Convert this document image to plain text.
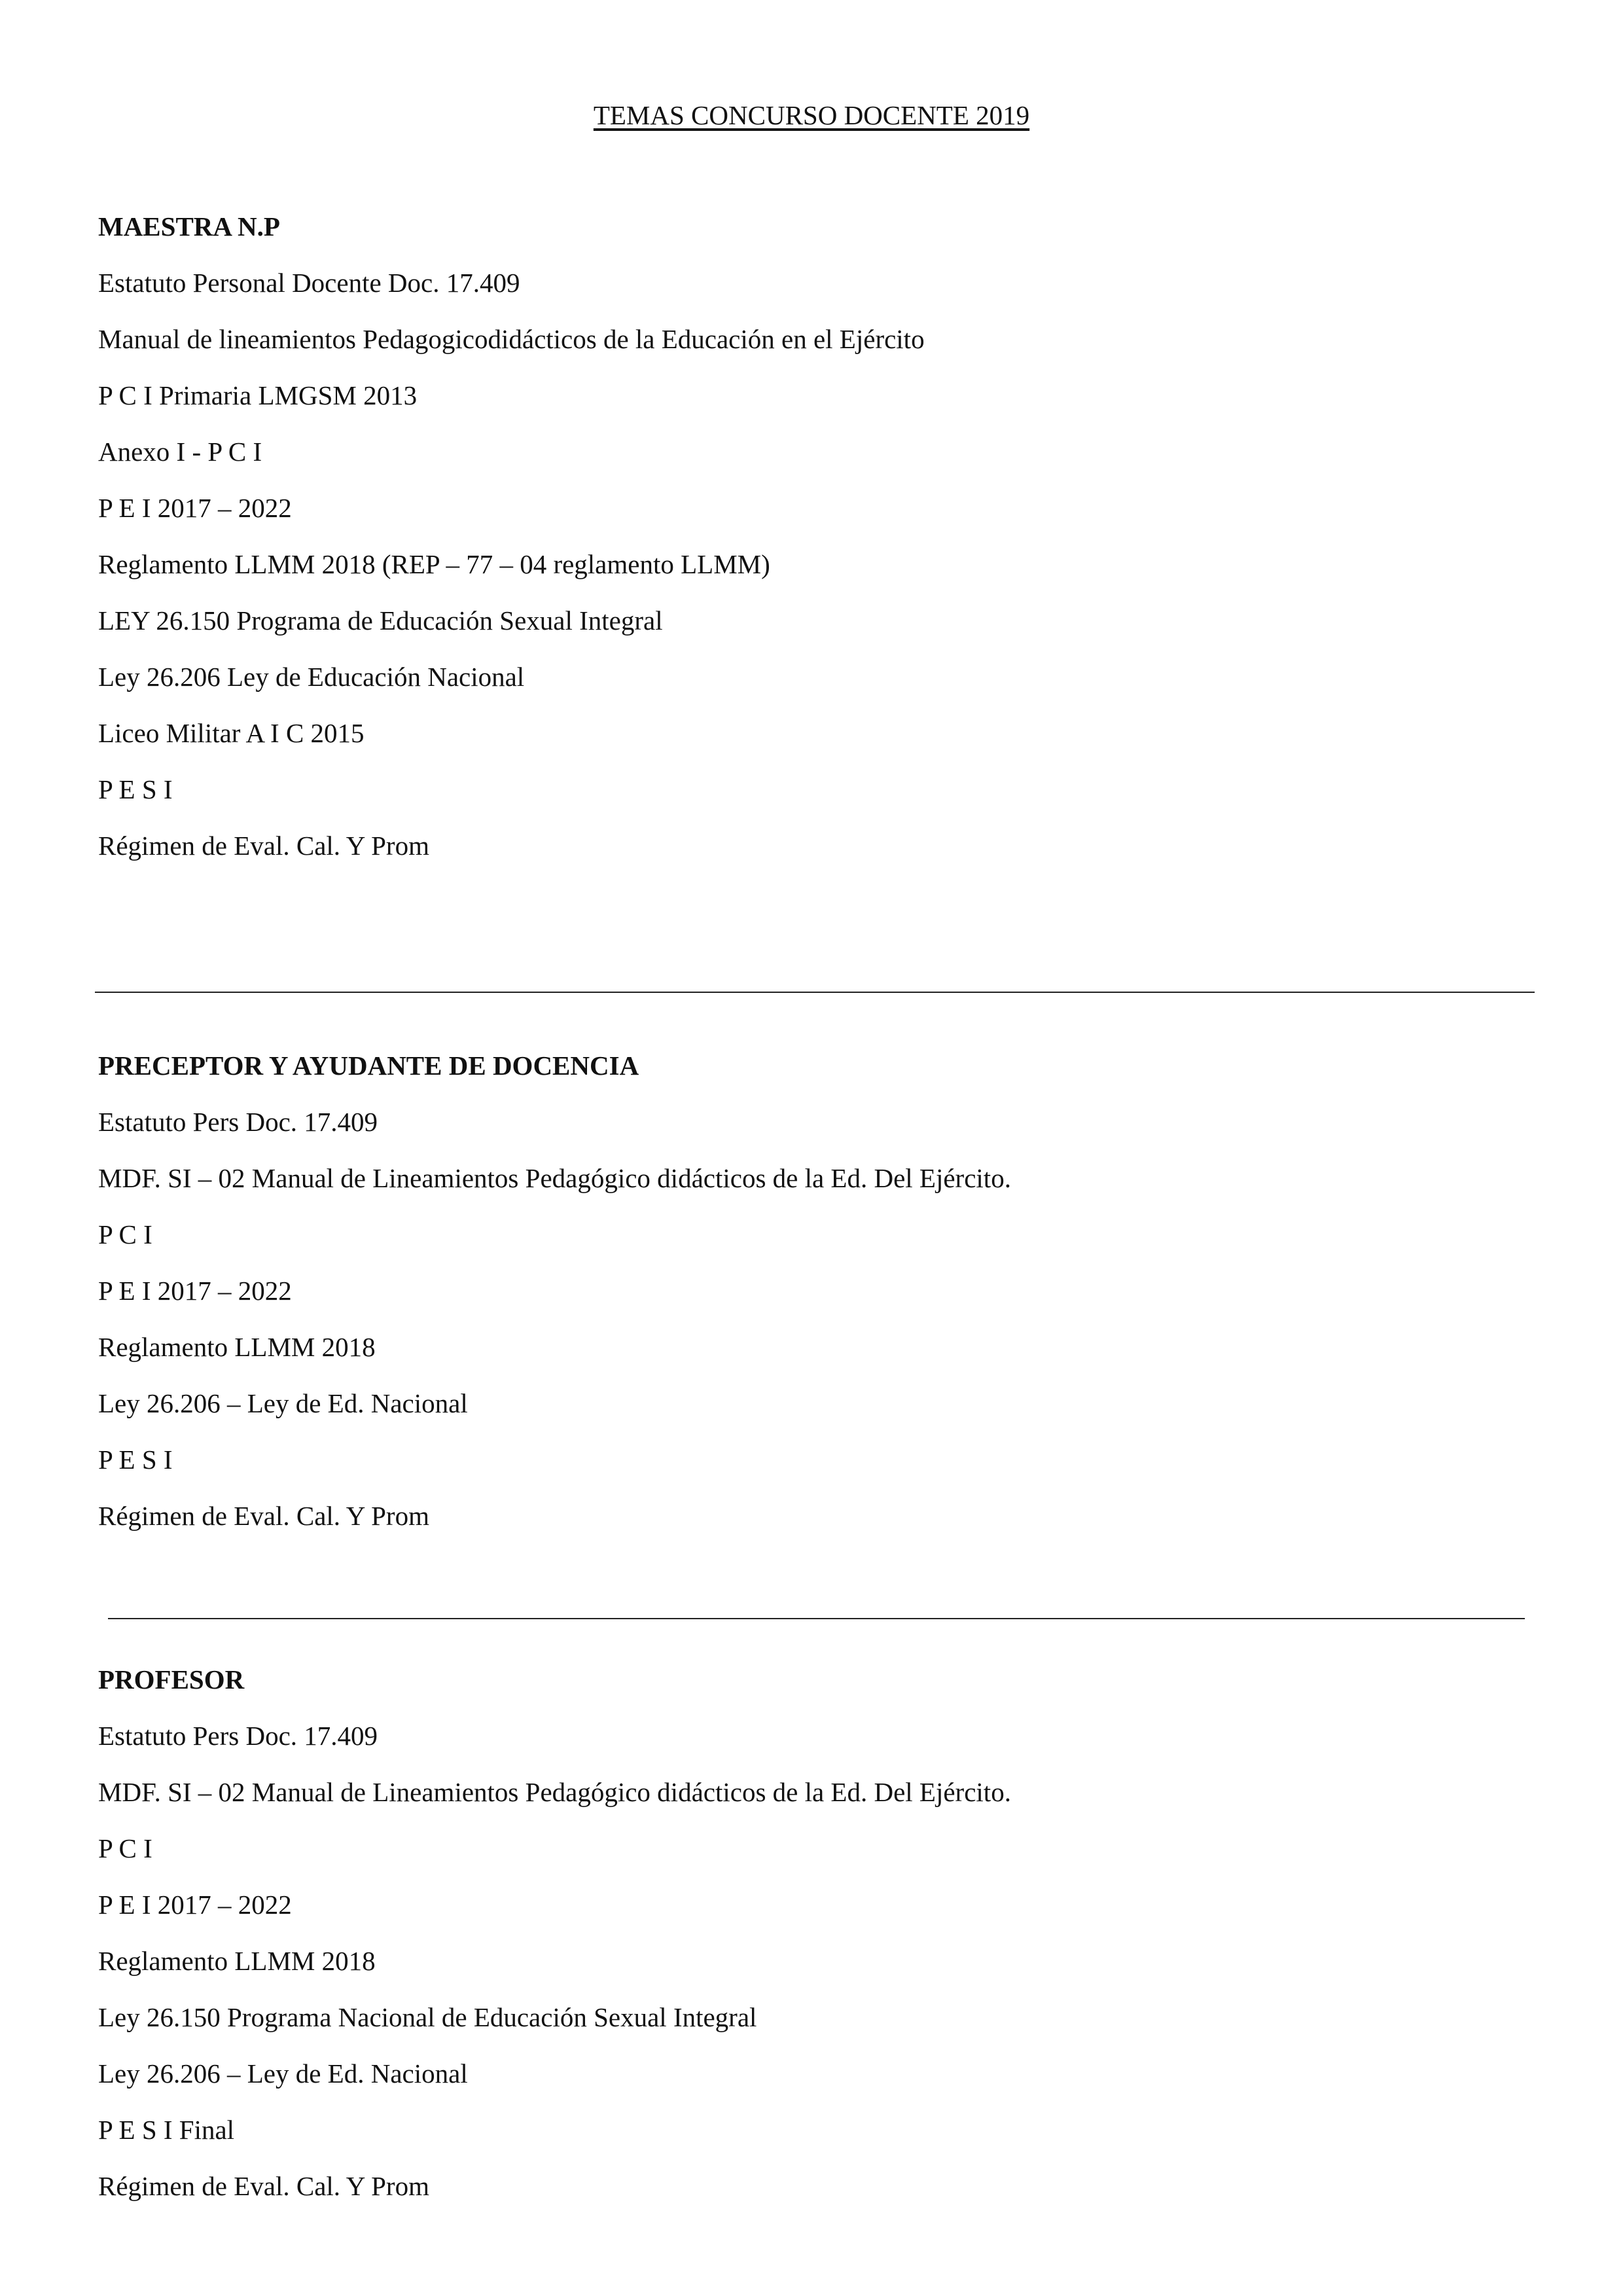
TEMAS CONCURSO DOCENTE 2019
MAESTRA N.P
Estatuto Personal Docente Doc. 17.409
Manual de lineamientos Pedagogicodidácticos de la Educación en el Ejército
P C I Primaria LMGSM 2013
Anexo I - P C I
P E I 2017 – 2022
Reglamento LLMM 2018 (REP – 77 – 04 reglamento LLMM)
LEY 26.150 Programa de Educación Sexual Integral
Ley 26.206 Ley de Educación Nacional
Liceo Militar A I C 2015
P E S I
Régimen de Eval. Cal. Y Prom
PRECEPTOR Y AYUDANTE DE DOCENCIA
Estatuto Pers Doc. 17.409
MDF. SI – 02 Manual de Lineamientos Pedagógico didácticos de la Ed. Del Ejército.
P C I
P E I 2017 – 2022
Reglamento LLMM 2018
Ley 26.206 – Ley de Ed. Nacional
P E S I
Régimen de Eval. Cal. Y Prom
PROFESOR
Estatuto Pers Doc. 17.409
MDF. SI – 02 Manual de Lineamientos Pedagógico didácticos de la Ed. Del Ejército.
P C I
P E I 2017 – 2022
Reglamento LLMM 2018
Ley 26.150 Programa Nacional de Educación Sexual Integral
Ley 26.206 – Ley de Ed. Nacional
P E S I Final
Régimen de Eval. Cal. Y Prom
